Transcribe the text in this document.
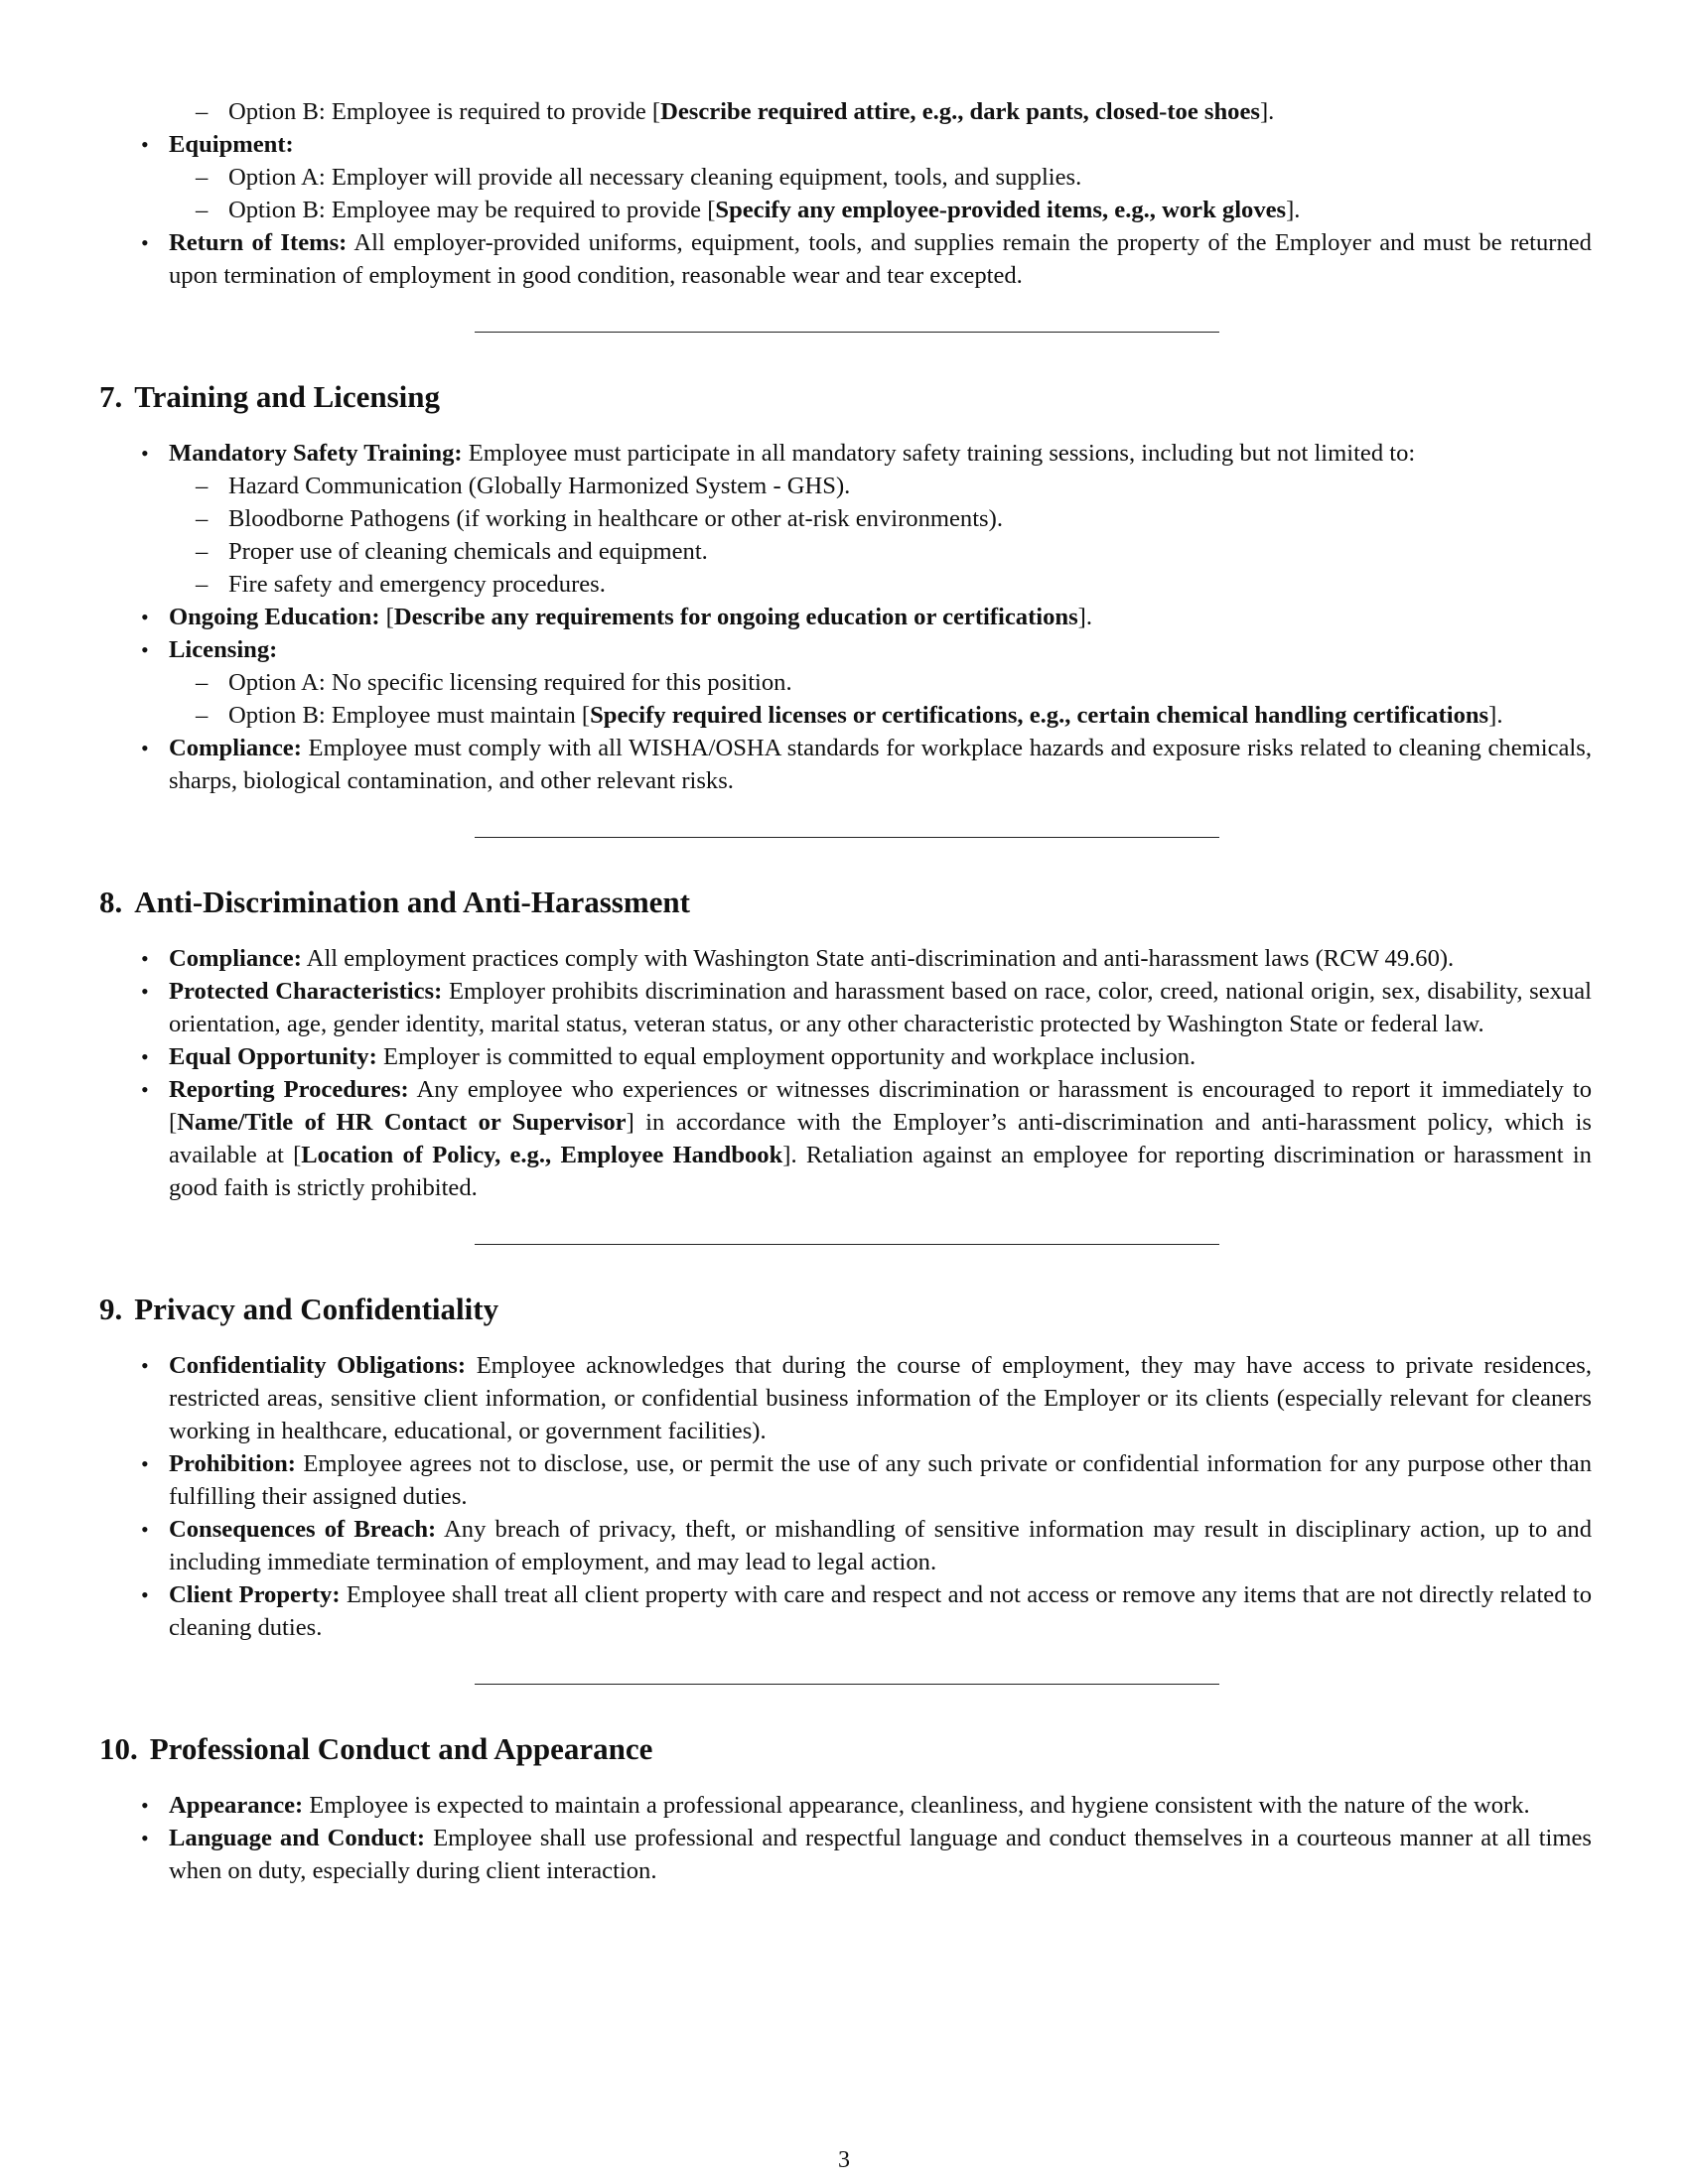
– Option B: Employee is required to provide [Describe required attire, e.g., dark pants, closed-toe shoes].
• Equipment:
– Option A: Employer will provide all necessary cleaning equipment, tools, and supplies.
– Option B: Employee may be required to provide [Specify any employee-provided items, e.g., work gloves].
• Return of Items: All employer-provided uniforms, equipment, tools, and supplies remain the property of the Employer and must be returned upon termination of employment in good condition, reasonable wear and tear excepted.
7. Training and Licensing
• Mandatory Safety Training: Employee must participate in all mandatory safety training sessions, including but not limited to:
– Hazard Communication (Globally Harmonized System - GHS).
– Bloodborne Pathogens (if working in healthcare or other at-risk environments).
– Proper use of cleaning chemicals and equipment.
– Fire safety and emergency procedures.
• Ongoing Education: [Describe any requirements for ongoing education or certifications].
• Licensing:
– Option A: No specific licensing required for this position.
– Option B: Employee must maintain [Specify required licenses or certifications, e.g., certain chemical handling certifications].
• Compliance: Employee must comply with all WISHA/OSHA standards for workplace hazards and exposure risks related to cleaning chemicals, sharps, biological contamination, and other relevant risks.
8. Anti-Discrimination and Anti-Harassment
• Compliance: All employment practices comply with Washington State anti-discrimination and anti-harassment laws (RCW 49.60).
• Protected Characteristics: Employer prohibits discrimination and harassment based on race, color, creed, national origin, sex, disability, sexual orientation, age, gender identity, marital status, veteran status, or any other characteristic protected by Washington State or federal law.
• Equal Opportunity: Employer is committed to equal employment opportunity and workplace inclusion.
• Reporting Procedures: Any employee who experiences or witnesses discrimination or harassment is encouraged to report it immediately to [Name/Title of HR Contact or Supervisor] in accordance with the Employer’s anti-discrimination and anti-harassment policy, which is available at [Location of Policy, e.g., Employee Handbook]. Retaliation against an employee for reporting discrimination or harassment in good faith is strictly prohibited.
9. Privacy and Confidentiality
• Confidentiality Obligations: Employee acknowledges that during the course of employment, they may have access to private residences, restricted areas, sensitive client information, or confidential business information of the Employer or its clients (especially relevant for cleaners working in healthcare, educational, or government facilities).
• Prohibition: Employee agrees not to disclose, use, or permit the use of any such private or confidential information for any purpose other than fulfilling their assigned duties.
• Consequences of Breach: Any breach of privacy, theft, or mishandling of sensitive information may result in disciplinary action, up to and including immediate termination of employment, and may lead to legal action.
• Client Property: Employee shall treat all client property with care and respect and not access or remove any items that are not directly related to cleaning duties.
10. Professional Conduct and Appearance
• Appearance: Employee is expected to maintain a professional appearance, cleanliness, and hygiene consistent with the nature of the work.
• Language and Conduct: Employee shall use professional and respectful language and conduct themselves in a courteous manner at all times when on duty, especially during client interaction.
3
